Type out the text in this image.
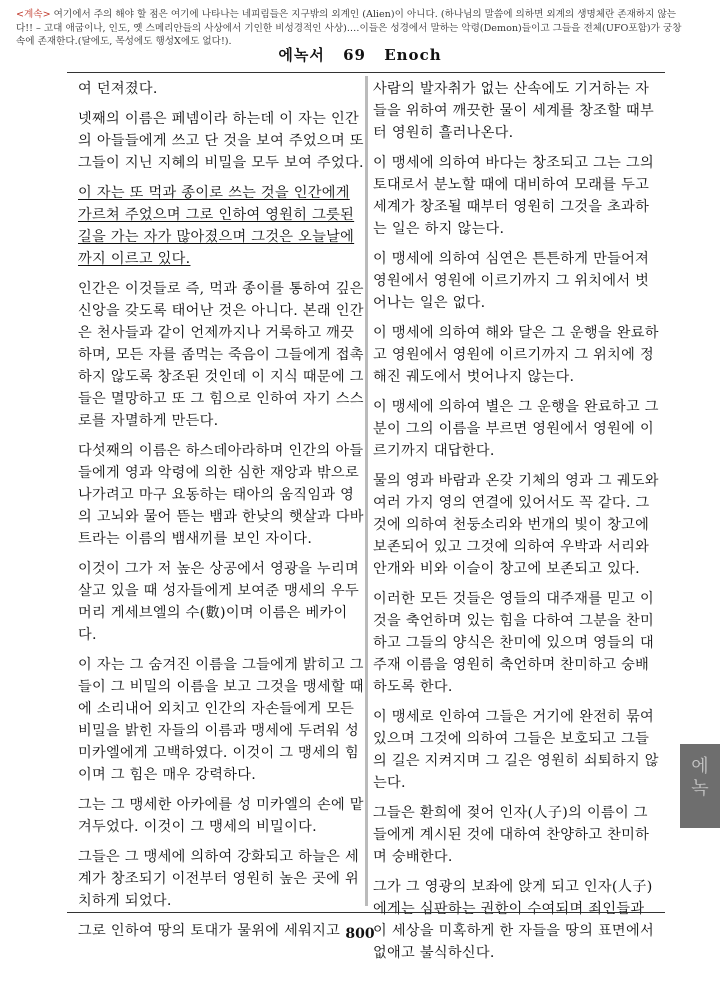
<계속> 여기에서 주의 해야 할 점은 여기에 나타나는 네피림들은 지구밖의 외계인 (Alien)이 아니다. (하나님의 말씀에 의하면 외계의 생명체란 존재하지 않는다!! – 고대 애굽이나, 인도, 옛 스메리안들의 사상에서 기인한 비성경적인 사상).…이들은 성경에서 말하는 악령(Demon)들이고 그들을 전체(UFO포함)가 궁창속에 존재한다.(달에도, 목성에도 행성X에도 없다!).
에녹서 69 Enoch

여 던져졌다.

넷째의 이름은 페넴이라 하는데 이 자는 인간의 아들들에게 쓰고 단 것을 보여 주었으며 또 그들이 지닌 지혜의 비밀을 모두 보여 주었다.

이 자는 또 먹과 종이로 쓰는 것을 인간에게 가르쳐 주었으며 그로 인하여 영원히 그릇된 길을 가는 자가 많아졌으며 그것은 오늘날에까지 이르고 있다.

인간은 이것들로 즉, 먹과 종이를 통하여 깊은 신앙을 갖도록 태어난 것은 아니다. 본래 인간은 천사들과 같이 언제까지나 거룩하고 깨끗하며, 모든 자를 좀먹는 죽음이 그들에게 접촉하지 않도록 창조된 것인데 이 지식 때문에 그들은 멸망하고 또 그 힘으로 인하여 자기 스스로를 자멸하게 만든다.

다섯째의 이름은 하스데아라하며 인간의 아들들에게 영과 악령에 의한 심한 재앙과 밖으로 나가려고 마구 요동하는 태아의 움직임과 영의 고뇌와 물어 뜯는 뱀과 한낮의 햇살과 다바트라는 이름의 뱀새끼를 보인 자이다.

이것이 그가 저 높은 상공에서 영광을 누리며 살고 있을 때 성자들에게 보여준 맹세의 우두머리 게세브엘의 수(數)이며 이름은 베카이다.

이 자는 그 숨겨진 이름을 그들에게 밝히고 그들이 그 비밀의 이름을 보고 그것을 맹세할 때에 소리내어 외치고 인간의 자손들에게 모든 비밀을 밝힌 자들의 이름과 맹세에 두려워 성 미카엘에게 고백하였다. 이것이 그 맹세의 힘이며 그 힘은 매우 강력하다.

그는 그 맹세한 아카에를 성 미카엘의 손에 맡겨두었다. 이것이 그 맹세의 비밀이다.

그들은 그 맹세에 의하여 강화되고 하늘은 세계가 창조되기 이전부터 영원히 높은 곳에 위치하게 되었다.

그로 인하여 땅의 토대가 물위에 세워지고

사람의 발자취가 없는 산속에도 기거하는 자들을 위하여 깨끗한 물이 세계를 창조할 때부터 영원히 흘러나온다.

이 맹세에 의하여 바다는 창조되고 그는 그의 토대로서 분노할 때에 대비하여 모래를 두고 세계가 창조될 때부터 영원히 그것을 초과하는 일은 하지 않는다.

이 맹세에 의하여 심연은 튼튼하게 만들어져 영원에서 영원에 이르기까지 그 위치에서 벗어나는 일은 없다.

이 맹세에 의하여 해와 달은 그 운행을 완료하고 영원에서 영원에 이르기까지 그 위치에 정해진 궤도에서 벗어나지 않는다.

이 맹세에 의하여 별은 그 운행을 완료하고 그분이 그의 이름을 부르면 영원에서 영원에 이르기까지 대답한다.

물의 영과 바람과 온갖 기체의 영과 그 궤도와 여러 가지 영의 연결에 있어서도 꼭 같다. 그것에 의하여 천둥소리와 번개의 빛이 창고에 보존되어 있고 그것에 의하여 우박과 서리와 안개와 비와 이슬이 창고에 보존되고 있다.

이러한 모든 것들은 영들의 대주재를 믿고 이것을 축언하며 있는 힘을 다하여 그분을 찬미하고 그들의 양식은 찬미에 있으며 영들의 대주재 이름을 영원히 축언하며 찬미하고 숭배하도록 한다.

이 맹세로 인하여 그들은 거기에 완전히 묶여있으며 그것에 의하여 그들은 보호되고 그들의 길은 지켜지며 그 길은 영원히 쇠퇴하지 않는다.

그들은 환희에 젖어 인자(人子)의 이름이 그들에게 계시된 것에 대하여 찬양하고 찬미하며 숭배한다.

그가 그 영광의 보좌에 앉게 되고 인자(人子)에게는 심판하는 권한이 수여되며 죄인들과 이 세상을 미혹하게 한 자들을 땅의 표면에서 없애고 불식하신다.

800
에
녹
